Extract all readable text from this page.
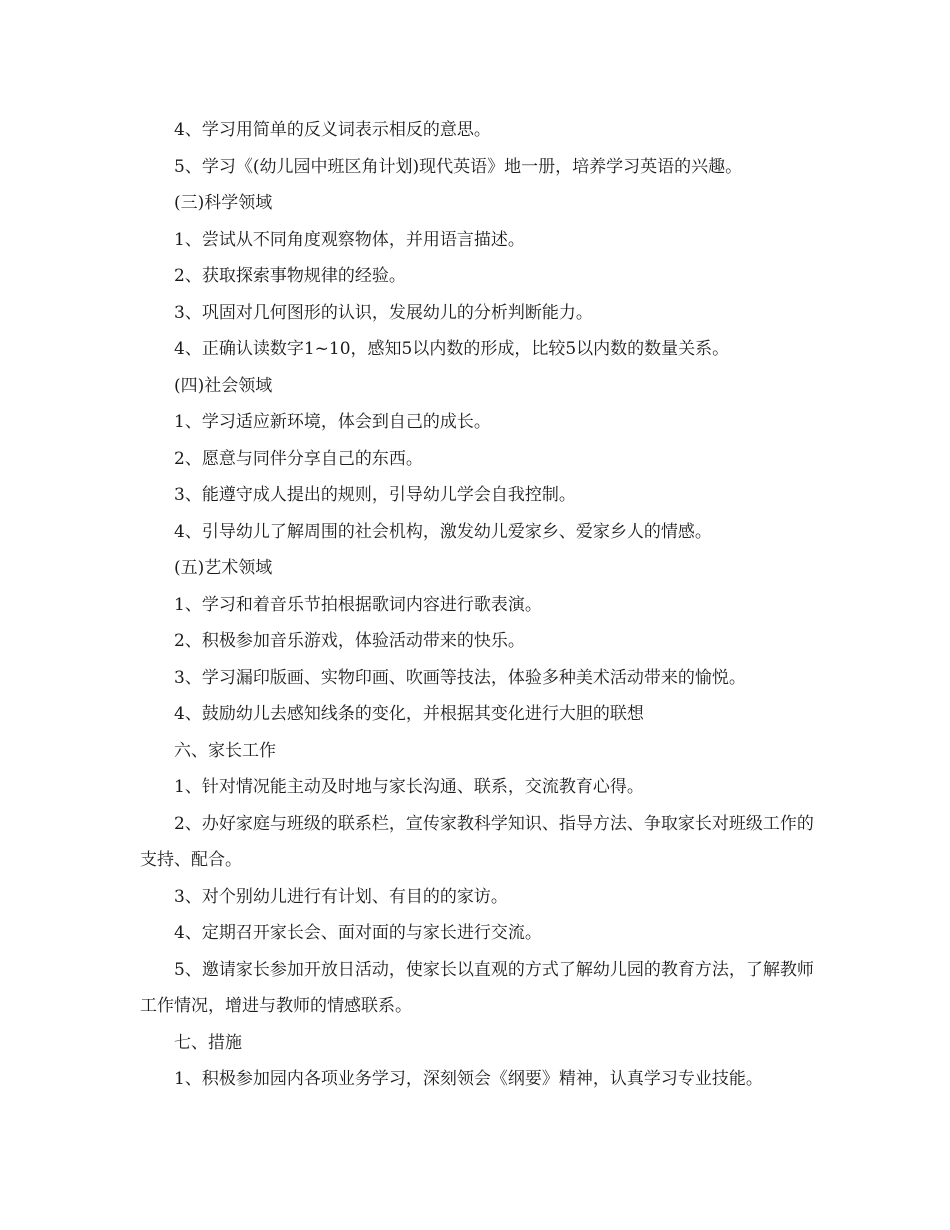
4、学习用简单的反义词表示相反的意思。

5、学习《(幼儿园中班区角计划)现代英语》地一册，培养学习英语的兴趣。

(三)科学领域

1、尝试从不同角度观察物体，并用语言描述。

2、获取探索事物规律的经验。

3、巩固对几何图形的认识，发展幼儿的分析判断能力。

4、正确认读数字1~10，感知5以内数的形成，比较5以内数的数量关系。

(四)社会领域

1、学习适应新环境，体会到自己的成长。

2、愿意与同伴分享自己的东西。

3、能遵守成人提出的规则，引导幼儿学会自我控制。

4、引导幼儿了解周围的社会机构，激发幼儿爱家乡、爱家乡人的情感。

(五)艺术领域

1、学习和着音乐节拍根据歌词内容进行歌表演。

2、积极参加音乐游戏，体验活动带来的快乐。

3、学习漏印版画、实物印画、吹画等技法，体验多种美术活动带来的愉悦。

4、鼓励幼儿去感知线条的变化，并根据其变化进行大胆的联想

六、家长工作

1、针对情况能主动及时地与家长沟通、联系，交流教育心得。

2、办好家庭与班级的联系栏，宣传家教科学知识、指导方法、争取家长对班级工作的支持、配合。

3、对个别幼儿进行有计划、有目的的家访。

4、定期召开家长会、面对面的与家长进行交流。

5、邀请家长参加开放日活动，使家长以直观的方式了解幼儿园的教育方法，了解教师工作情况，增进与教师的情感联系。

七、措施

1、积极参加园内各项业务学习，深刻领会《纲要》精神，认真学习专业技能。
